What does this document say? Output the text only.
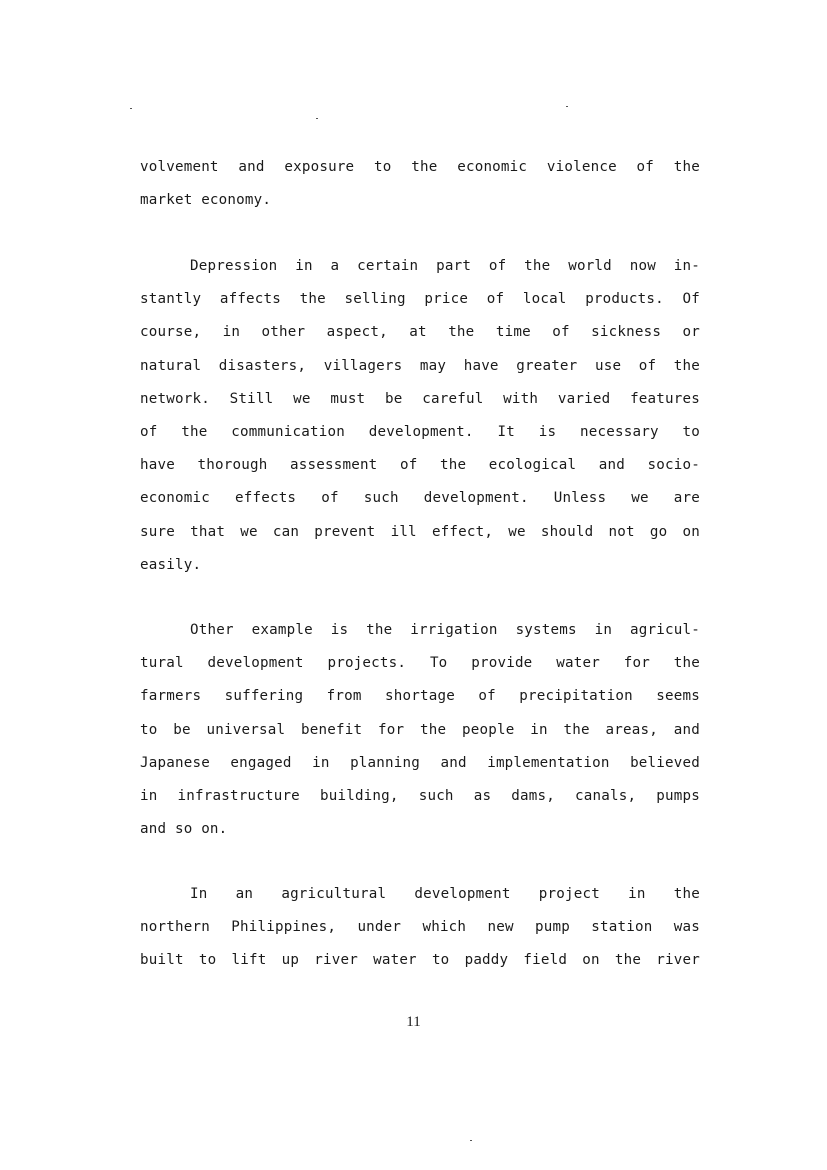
volvement and exposure to the economic violence of the
market economy.
Depression in a certain part of the world now in-
stantly affects the selling price of local products. Of
course, in other aspect, at the time of sickness or
natural disasters, villagers may have greater use of the
network. Still we must be careful with varied features
of the communication development. It is necessary to
have thorough assessment of the ecological and socio-
economic effects of such development. Unless we are
sure that we can prevent ill effect, we should not go on
easily.
Other example is the irrigation systems in agricul-
tural development projects. To provide water for the
farmers suffering from shortage of precipitation seems
to be universal benefit for the people in the areas, and
Japanese engaged in planning and implementation believed
in infrastructure building, such as dams, canals, pumps
and so on.
In an agricultural development project in the
northern Philippines, under which new pump station was
built to lift up river water to paddy field on the river
11
